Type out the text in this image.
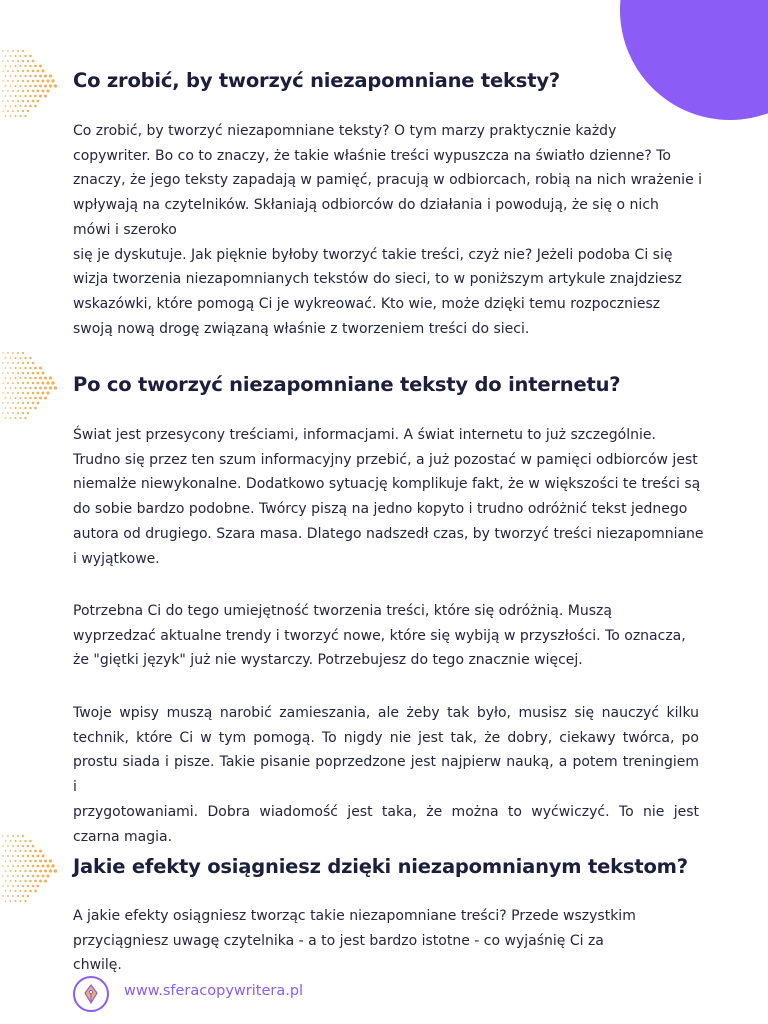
Co zrobić, by tworzyć niezapomniane teksty?
Co zrobić, by tworzyć niezapomniane teksty? O tym marzy praktycznie każdy
copywriter. Bo co to znaczy, że takie właśnie treści wypuszcza na światło dzienne? To
znaczy, że jego teksty zapadają w pamięć, pracują w odbiorcach, robią na nich wrażenie i
wpływają na czytelników. Skłaniają odbiorców do działania i powodują, że się o nich
mówi i szeroko
się je dyskutuje. Jak pięknie byłoby tworzyć takie treści, czyż nie? Jeżeli podoba Ci się
wizja tworzenia niezapomnianych tekstów do sieci, to w poniższym artykule znajdziesz
wskazówki, które pomogą Ci je wykreować. Kto wie, może dzięki temu rozpoczniesz
swoją nową drogę związaną właśnie z tworzeniem treści do sieci.
Po co tworzyć niezapomniane teksty do internetu?
Świat jest przesycony treściami, informacjami. A świat internetu to już szczególnie.
Trudno się przez ten szum informacyjny przebić, a już pozostać w pamięci odbiorców jest
niemalże niewykonalne. Dodatkowo sytuację komplikuje fakt, że w większości te treści są
do sobie bardzo podobne. Twórcy piszą na jedno kopyto i trudno odróżnić tekst jednego
autora od drugiego. Szara masa. Dlatego nadszedł czas, by tworzyć treści niezapomniane
i wyjątkowe.
Potrzebna Ci do tego umiejętność tworzenia treści, które się odróżnią. Muszą
wyprzedzać aktualne trendy i tworzyć nowe, które się wybiją w przyszłości. To oznacza,
że "giętki język" już nie wystarczy. Potrzebujesz do tego znacznie więcej.
Twoje wpisy muszą narobić zamieszania, ale żeby tak było, musisz się nauczyć kilku
technik, które Ci w tym pomogą. To nigdy nie jest tak, że dobry, ciekawy twórca, po
prostu siada i pisze. Takie pisanie poprzedzone jest najpierw nauką, a potem treningiem i
przygotowaniami. Dobra wiadomość jest taka, że można to wyćwiczyć. To nie jest
czarna magia.
Jakie efekty osiągniesz dzięki niezapomnianym tekstom?
A jakie efekty osiągniesz tworząc takie niezapomniane treści? Przede wszystkim
przyciągniesz uwagę czytelnika - a to jest bardzo istotne - co wyjaśnię Ci za
chwilę.
www.sferacopywritera.pl
